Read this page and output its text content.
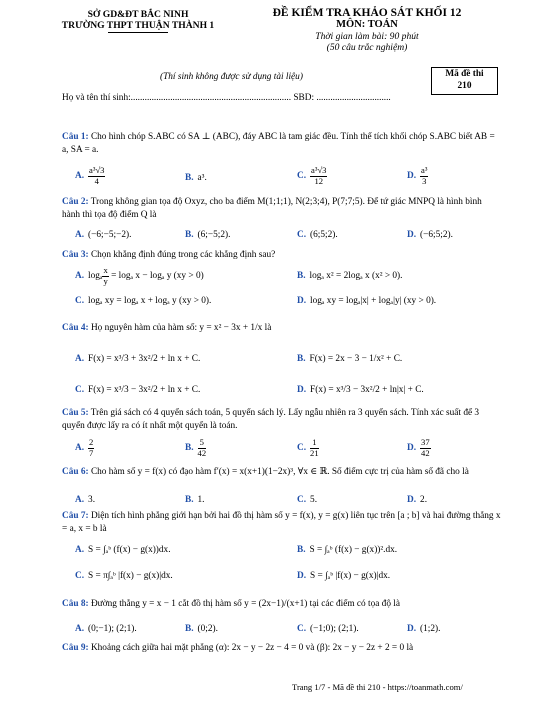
SỞ GD&ĐT BẮC NINH
TRƯỜNG THPT THUẬN THÀNH 1
ĐỀ KIỂM TRA KHẢO SÁT KHỐI 12
MÔN: TOÁN
Thời gian làm bài: 90 phút
(50 câu trắc nghiệm)
(Thí sinh không được sử dụng tài liệu)	Mã đề thi
210
Họ và tên thí sinh:..................................................................... SBD: ................................
Câu 1: Cho hình chóp S.ABC có SA ⊥ (ABC), đáy ABC là tam giác đều. Tính thể tích khối chóp S.ABC biết AB = a, SA = a.
A. $\frac{\text{a³√3}}{4}$	B. a³.	C. $\frac{\text{a³√3}}{12}$	D. $\frac{\text{a³}}{3}$
Câu 2: Trong không gian tọa độ Oxyz, cho ba điểm M(1;1;1), N(2;3;4), P(7;7;5). Để tứ giác MNPQ là hình bình hành thì tọa độ điểm Q là
A. (−6;−5;−2).	B. (6;−5;2).	C. (6;5;2).	D. (−6;5;2).
Câu 3: Chọn khẳng định đúng trong các khẳng định sau?
A. logₐ $\frac{x}{y} = \log_a$ x − logₐ y (xy > 0)	B. logₐ x² = 2logₐ x (x² > 0).
C. logₐ xy = logₐ x + logₐ y (xy > 0).	D. logₐ xy = logₐ|x| + logₐ|y| (xy > 0).
Câu 4: Họ nguyên hàm của hàm số: y = x² − 3x + 1/x là
A. F(x) = x³/3 + 3x²/2 + ln x + C.	B. F(x) = 2x − 3 − 1/x² + C.
C. F(x) = x³/3 − 3x²/2 + ln x + C.	D. F(x) = x³/3 − 3x²/2 + ln|x| + C.
Câu 5: Trên giá sách có 4 quyển sách toán, 5 quyển sách lý. Lấy ngẫu nhiên ra 3 quyển sách. Tính xác suất để 3 quyển được lấy ra có ít nhất một quyển là toán.
A. $\frac{2}{7}$	B. $\frac{5}{42}$	C. $\frac{1}{21}$	D. $\frac{37}{42}$
Câu 6: Cho hàm số y = f(x) có đạo hàm f′(x) = x(x+1)(1−2x)³, ∀x ∈ ℝ. Số điểm cực trị của hàm số đã cho là
A. 3.	B. 1.	C. 5.	D. 2.
Câu 7: Diện tích hình phẳng giới hạn bởi hai đồ thị hàm số y = f(x), y = g(x) liên tục trên [a ; b] và hai đường thẳng x = a, x = b là
A. S = ∫ₐᵇ (f(x) − g(x))dx.	B. S = ∫ₐᵇ (f(x) − g(x))².dx.
C. S = π∫ₐᵇ |f(x) − g(x)|dx.	D. S = ∫ₐᵇ |f(x) − g(x)|dx.
Câu 8: Đường thẳng y = x − 1 cắt đồ thị hàm số y = (2x−1)/(x+1) tại các điểm có tọa độ là
A. (0;−1); (2;1).	B. (0;2).	C. (−1;0); (2;1).	D. (1;2).
Câu 9: Khoảng cách giữa hai mặt phẳng (α): 2x − y − 2z − 4 = 0 và (β): 2x − y − 2z + 2 = 0 là
Trang 1/7 - Mã đề thi 210 - https://toanmath.com/
